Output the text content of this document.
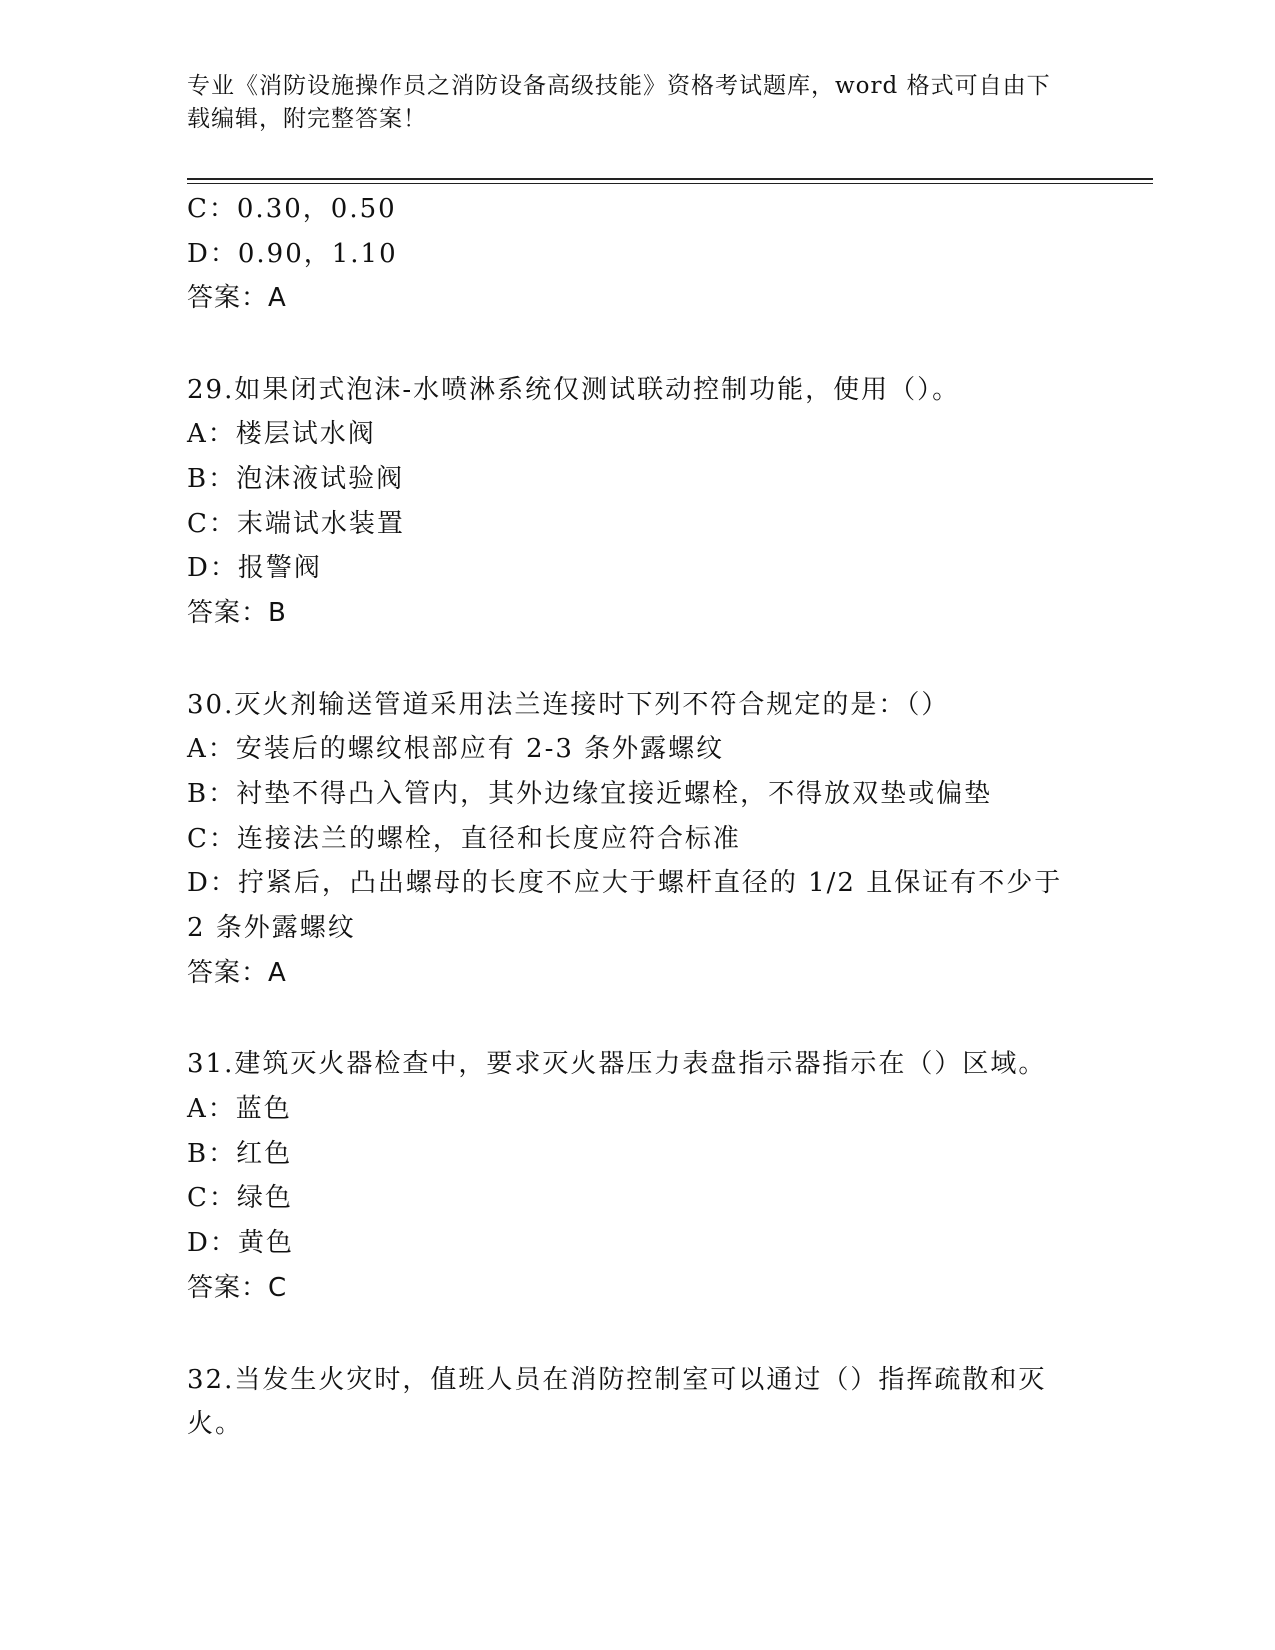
专业《消防设施操作员之消防设备高级技能》资格考试题库，word 格式可自由下
载编辑，附完整答案！
C：0.30，0.50
D：0.90，1.10
答案：A
29.如果闭式泡沫-水喷淋系统仅测试联动控制功能，使用（）。
A：楼层试水阀
B：泡沫液试验阀
C：末端试水装置
D：报警阀
答案：B
30.灭火剂输送管道采用法兰连接时下列不符合规定的是：（）
A：安装后的螺纹根部应有 2-3 条外露螺纹
B：衬垫不得凸入管内，其外边缘宜接近螺栓，不得放双垫或偏垫
C：连接法兰的螺栓，直径和长度应符合标准
D：拧紧后，凸出螺母的长度不应大于螺杆直径的 1/2 且保证有不少于
2 条外露螺纹
答案：A
31.建筑灭火器检查中，要求灭火器压力表盘指示器指示在（）区域。
A：蓝色
B：红色
C：绿色
D：黄色
答案：C
32.当发生火灾时，值班人员在消防控制室可以通过（）指挥疏散和灭
火。
